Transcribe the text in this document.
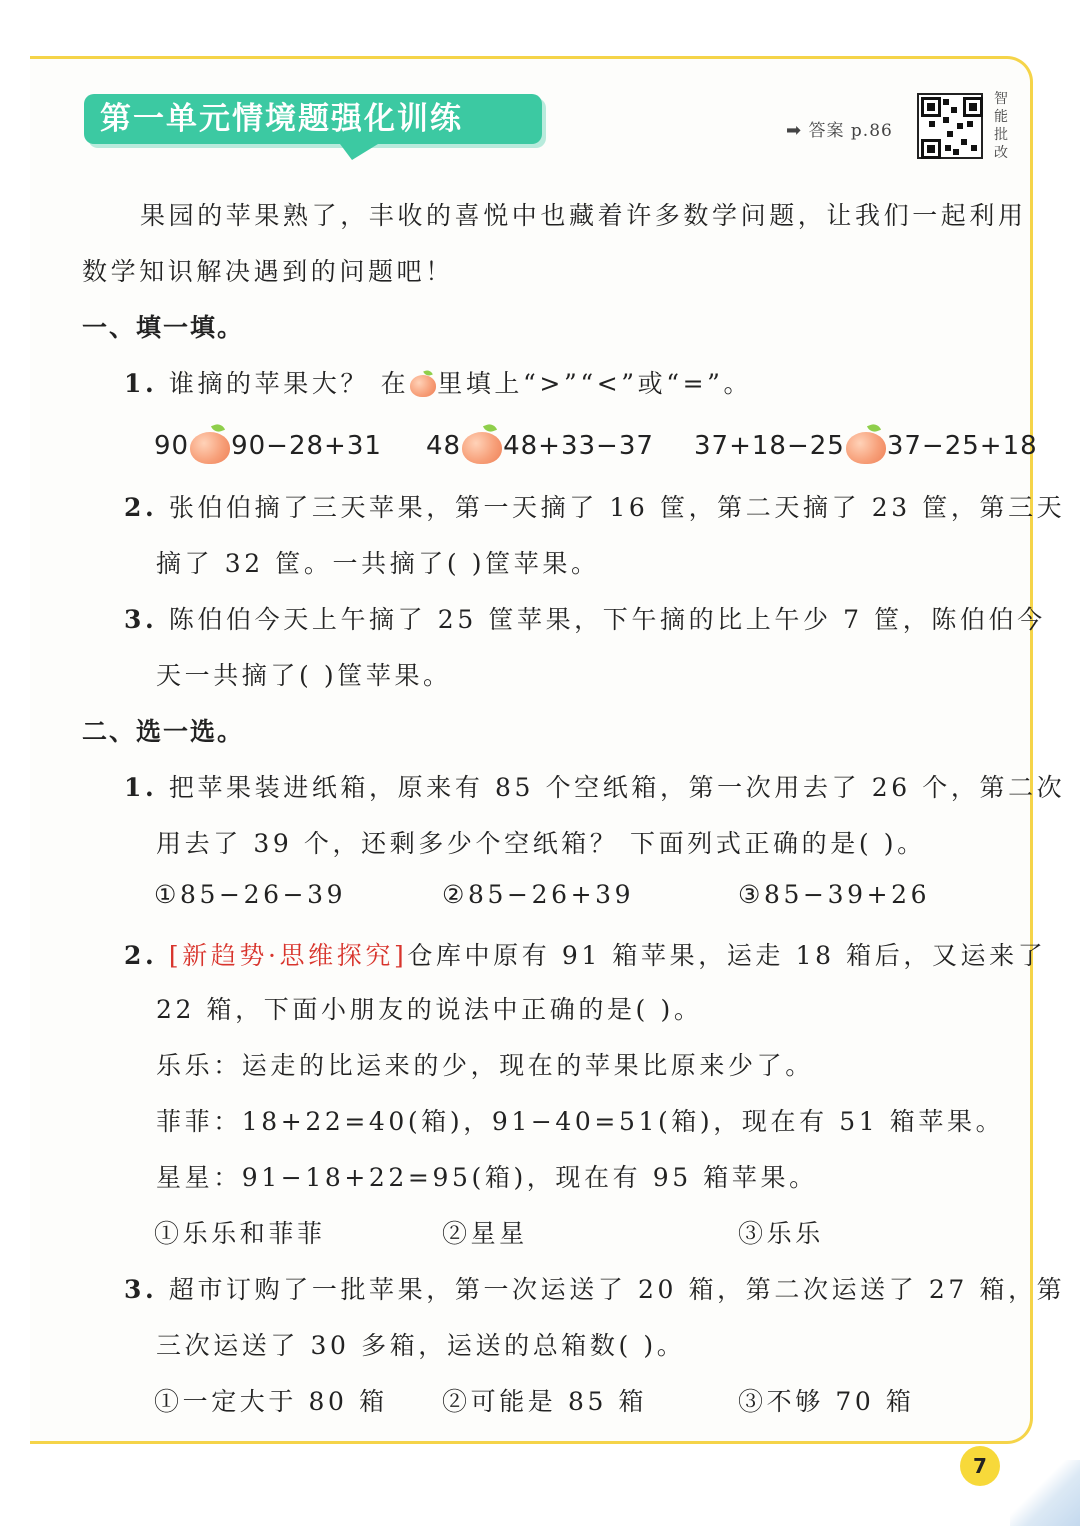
第一单元情境题强化训练	➡ 答案 p.86
智
能
批
改
果园的苹果熟了，丰收的喜悦中也藏着许多数学问题，让我们一起利用
数学知识解决遇到的问题吧！
一、填一填。
1. 谁摘的苹果大？ 在 里填上“>”“<”或“=”。
90 90−28+31 48 48+33−37 37+18−25 37−25+18
2. 张伯伯摘了三天苹果，第一天摘了 16 筐，第二天摘了 23 筐，第三天
摘了 32 筐。一共摘了( )筐苹果。
3. 陈伯伯今天上午摘了 25 筐苹果，下午摘的比上午少 7 筐，陈伯伯今
天一共摘了( )筐苹果。
二、选一选。
1. 把苹果装进纸箱，原来有 85 个空纸箱，第一次用去了 26 个，第二次
用去了 39 个，还剩多少个空纸箱？ 下面列式正确的是( )。
①85−26−39	②85−26+39	③85−39+26
2. [新趋势·思维探究]仓库中原有 91 箱苹果，运走 18 箱后，又运来了
22 箱，下面小朋友的说法中正确的是( )。
乐乐：运走的比运来的少，现在的苹果比原来少了。
菲菲：18+22=40(箱)，91−40=51(箱)，现在有 51 箱苹果。
星星：91−18+22=95(箱)，现在有 95 箱苹果。
①乐乐和菲菲	②星星	③乐乐
3. 超市订购了一批苹果，第一次运送了 20 箱，第二次运送了 27 箱，第
三次运送了 30 多箱，运送的总箱数( )。
①一定大于 80 箱 ②可能是 85 箱	③不够 70 箱
7
